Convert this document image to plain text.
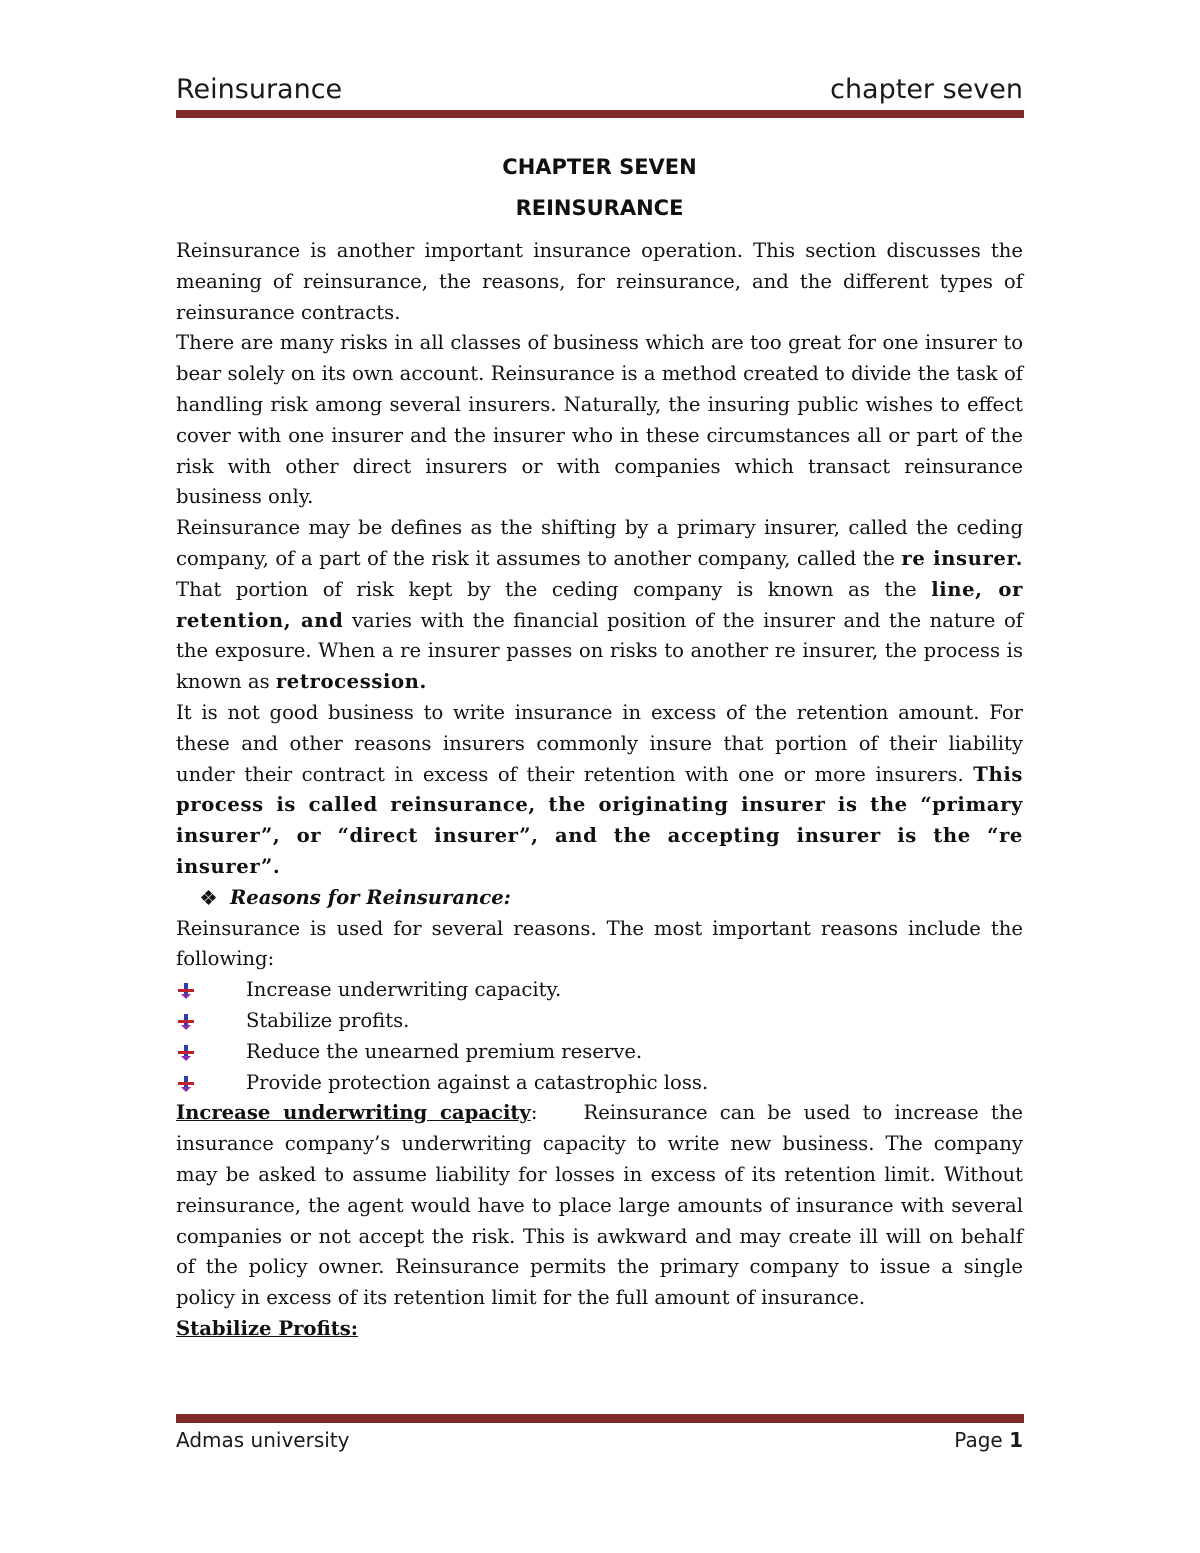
Reinsurance	chapter seven
CHAPTER SEVEN
REINSURANCE

Reinsurance is another important insurance operation. This section discusses the meaning of reinsurance, the reasons, for reinsurance, and the different types of reinsurance contracts.

There are many risks in all classes of business which are too great for one insurer to bear solely on its own account. Reinsurance is a method created to divide the task of handling risk among several insurers. Naturally, the insuring public wishes to effect cover with one insurer and the insurer who in these circumstances all or part of the risk with other direct insurers or with companies which transact reinsurance business only.

Reinsurance may be defines as the shifting by a primary insurer, called the ceding company, of a part of the risk it assumes to another company, called the re insurer. That portion of risk kept by the ceding company is known as the line, or retention, and varies with the financial position of the insurer and the nature of the exposure. When a re insurer passes on risks to another re insurer, the process is known as retrocession.

It is not good business to write insurance in excess of the retention amount. For these and other reasons insurers commonly insure that portion of their liability under their contract in excess of their retention with one or more insurers. This process is called reinsurance, the originating insurer is the “primary insurer”, or “direct insurer”, and the accepting insurer is the “re insurer”.

Reasons for Reinsurance:

Reinsurance is used for several reasons. The most important reasons include the following:

Increase underwriting capacity.

Stabilize profits.

Reduce the unearned premium reserve.

Provide protection against a catastrophic loss.

Increase underwriting capacity: Reinsurance can be used to increase the insurance company’s underwriting capacity to write new business. The company may be asked to assume liability for losses in excess of its retention limit. Without reinsurance, the agent would have to place large amounts of insurance with several companies or not accept the risk. This is awkward and may create ill will on behalf of the policy owner. Reinsurance permits the primary company to issue a single policy in excess of its retention limit for the full amount of insurance.

Stabilize Profits:

Admas university	Page 1
